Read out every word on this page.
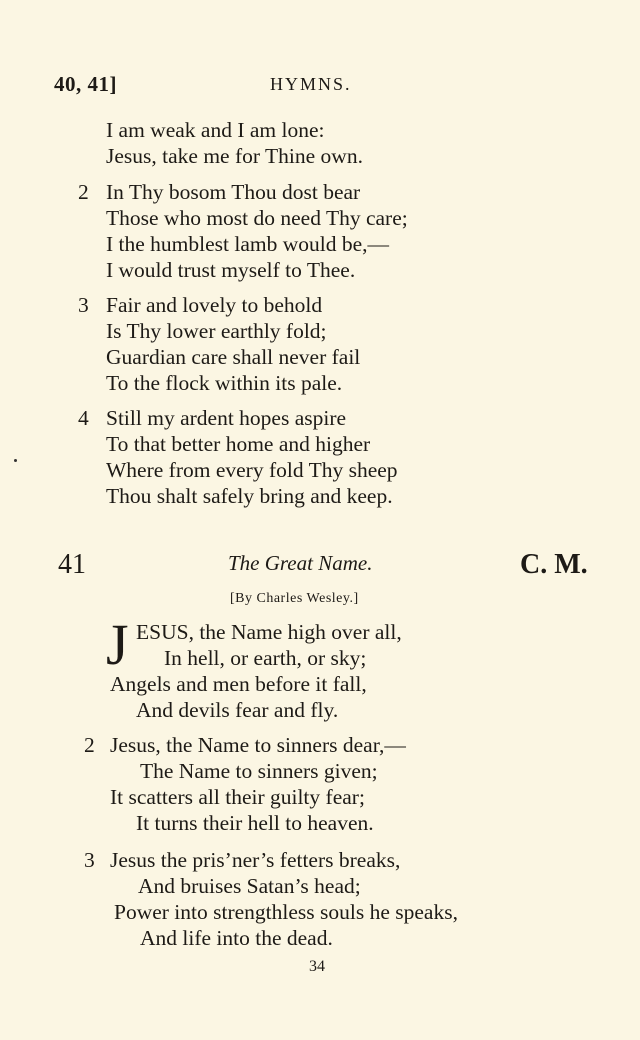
40, 41]	HYMNS.
I am weak and I am lone:
Jesus, take me for Thine own.
2 In Thy bosom Thou dost bear
Those who most do need Thy care;
I the humblest lamb would be,—
I would trust myself to Thee.
3 Fair and lovely to behold
Is Thy lower earthly fold;
Guardian care shall never fail
To the flock within its pale.
4 Still my ardent hopes aspire
To that better home and higher
Where from every fold Thy sheep
Thou shalt safely bring and keep.
41	The Great Name.	C. M.
[By Charles Wesley.]
J ESUS, the Name high over all,
In hell, or earth, or sky;
Angels and men before it fall,
And devils fear and fly.
2 Jesus, the Name to sinners dear,—
The Name to sinners given;
It scatters all their guilty fear;
It turns their hell to heaven.
3 Jesus the pris’ner’s fetters breaks,
And bruises Satan’s head;
Power into strengthless souls he speaks,
And life into the dead.
34
